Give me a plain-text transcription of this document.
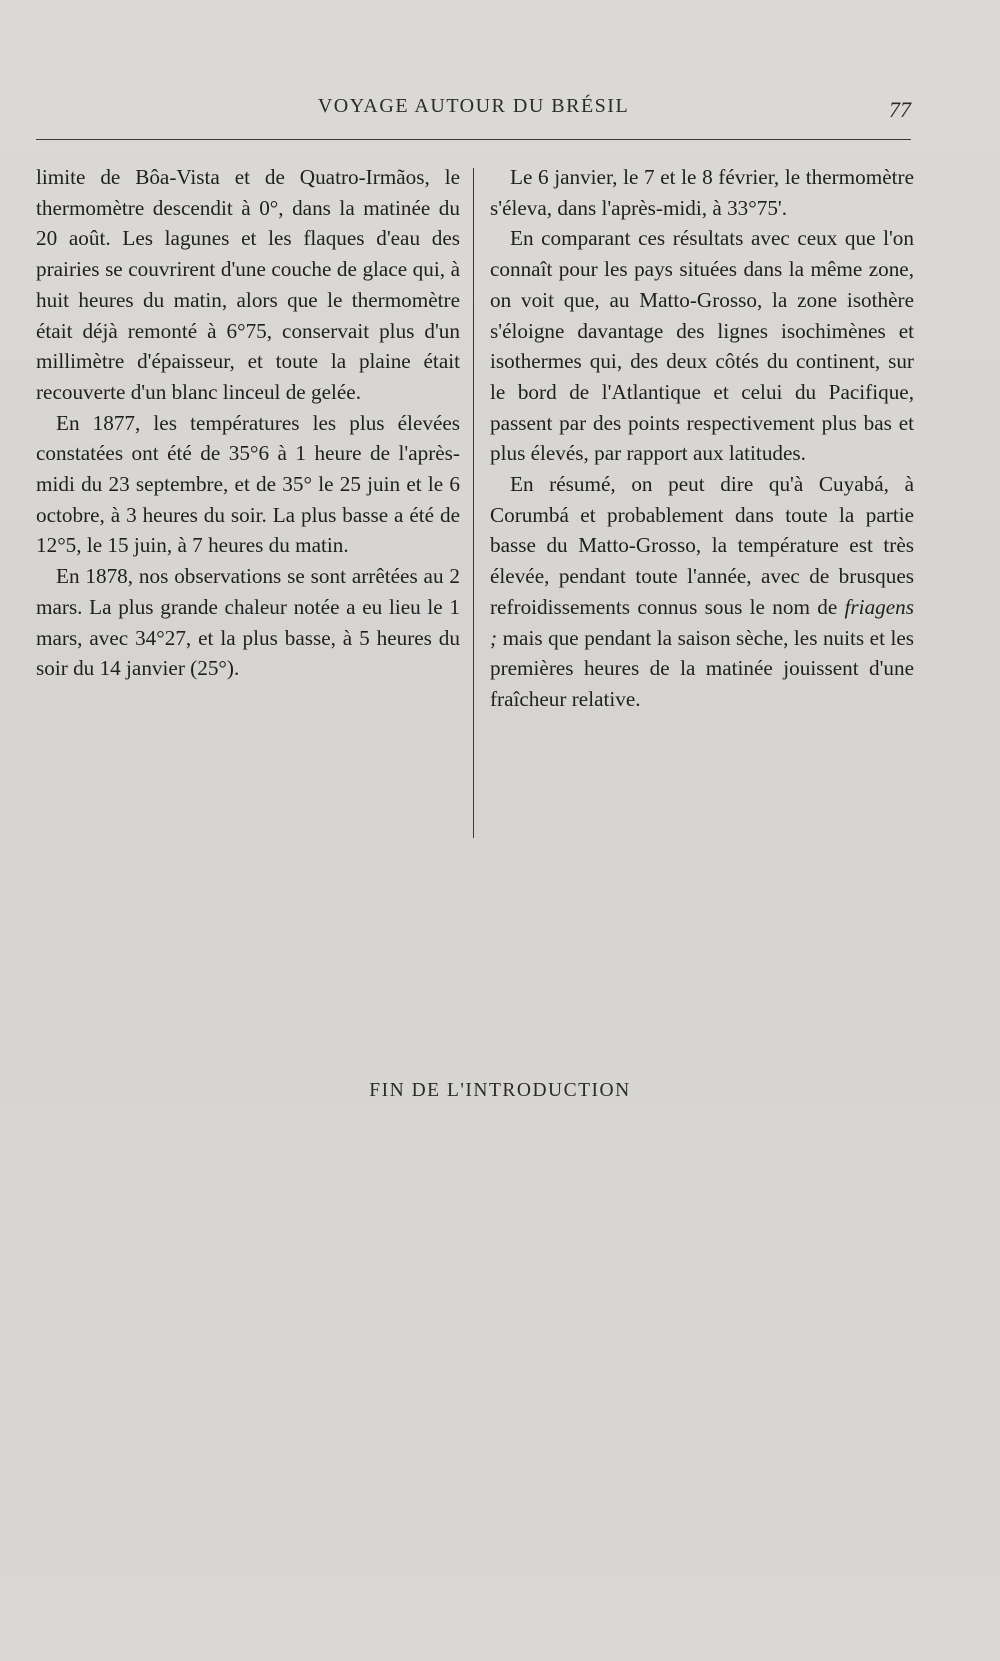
VOYAGE AUTOUR DU BRÉSIL	77

limite de Bôa-Vista et de Quatro-Irmãos, le thermomètre descendit à 0°, dans la matinée du 20 août. Les lagunes et les flaques d'eau des prairies se couvrirent d'une couche de glace qui, à huit heures du matin, alors que le thermomètre était déjà remonté à 6°75, conservait plus d'un millimètre d'épaisseur, et toute la plaine était recouverte d'un blanc linceul de gelée.

En 1877, les températures les plus élevées constatées ont été de 35°6 à 1 heure de l'après-midi du 23 septembre, et de 35° le 25 juin et le 6 octobre, à 3 heures du soir. La plus basse a été de 12°5, le 15 juin, à 7 heures du matin.

En 1878, nos observations se sont arrêtées au 2 mars. La plus grande chaleur notée a eu lieu le 1 mars, avec 34°27, et la plus basse, à 5 heures du soir du 14 janvier (25°).

Le 6 janvier, le 7 et le 8 février, le thermomètre s'éleva, dans l'après-midi, à 33°75'.

En comparant ces résultats avec ceux que l'on connaît pour les pays situées dans la même zone, on voit que, au Matto-Grosso, la zone isothère s'éloigne davantage des lignes isochimènes et isothermes qui, des deux côtés du continent, sur le bord de l'Atlantique et celui du Pacifique, passent par des points respectivement plus bas et plus élevés, par rapport aux latitudes.

En résumé, on peut dire qu'à Cuyabá, à Corumbá et probablement dans toute la partie basse du Matto-Grosso, la température est très élevée, pendant toute l'année, avec de brusques refroidissements connus sous le nom de friagens ; mais que pendant la saison sèche, les nuits et les premières heures de la matinée jouissent d'une fraîcheur relative.

FIN DE L'INTRODUCTION
